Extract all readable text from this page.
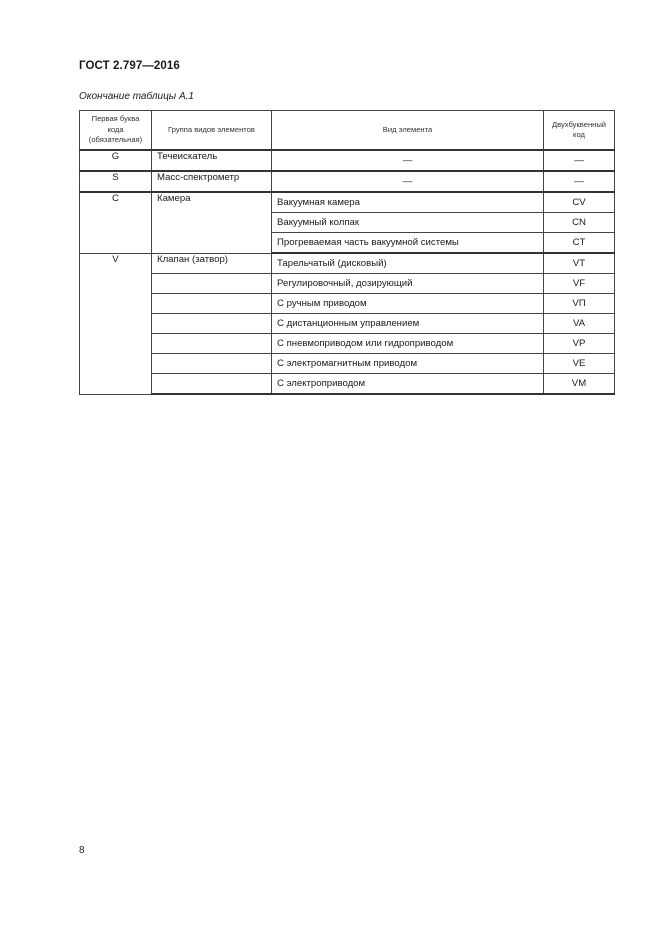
ГОСТ 2.797—2016
Окончание таблицы А.1
Первая буква кода (обязательная)	Группа видов элементов	Вид элемента	Двухбуквенный код
G	Течеискатель	—	—
S	Масс-спектрометр	—	—
C	Камера	Вакуумная камера	CV
		Вакуумный колпак	CN
		Прогреваемая часть вакуумной системы	CT
V	Клапан (затвор)	Тарельчатый (дисковый)	VT
		Регулировочный, дозирующий	VF
		С ручным приводом	VП
		С дистанционным управлением	VA
		С пневмоприводом или гидроприводом	VP
		С электромагнитным приводом	VE
		С электроприводом	VM
8
